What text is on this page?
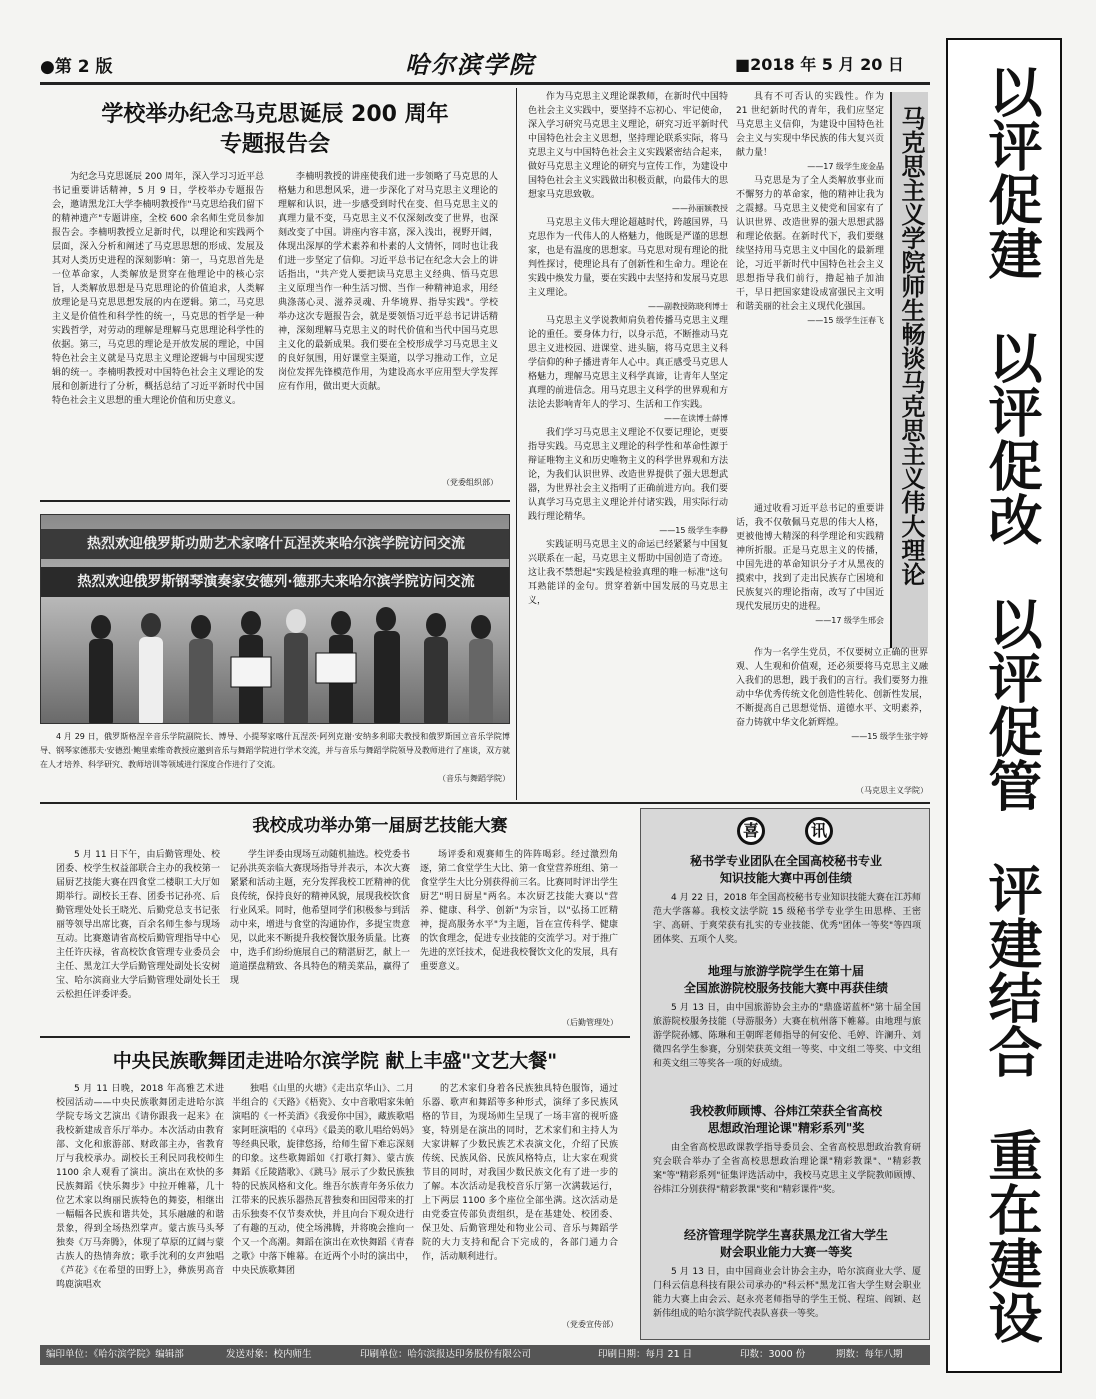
●第 2 版	哈尔滨学院	■2018 年 5 月 20 日 以评促建
以评促改
以评促管
评建结合
重在建设
学校举办纪念马克思诞辰 200 周年
专题报告会

为纪念马克思诞辰 200 周年，深入学习习近平总书记重要讲话精神，5 月 9 日，学校举办专题报告会，邀请黑龙江大学李楠明教授作"马克思给我们留下的精神遗产"专题讲座，全校 600 余名师生党员参加报告会。李楠明教授立足新时代，以理论和实践两个层面，深入分析和阐述了马克思思想的形成、发展及其对人类历史进程的深刻影响：第一，马克思首先是一位革命家，人类解放是贯穿在他理论中的核心宗旨，人类解放思想是马克思理论的价值追求，人类解放理论是马克思思想发展的内在逻辑。第二，马克思主义是价值性和科学性的统一，马克思的哲学是一种实践哲学，对劳动的理解是理解马克思理论科学性的依据。第三，马克思的理论是开放发展的理论，中国特色社会主义就是马克思主义理论逻辑与中国现实逻辑的统一。李楠明教授对中国特色社会主义理论的发展和创新进行了分析，概括总结了习近平新时代中国特色社会主义思想的重大理论价值和历史意义。

李楠明教授的讲座使我们进一步领略了马克思的人格魅力和思想风采，进一步深化了对马克思主义理论的理解和认识，进一步感受到时代在变、但马克思主义的真理力量不变，马克思主义不仅深刻改变了世界，也深刻改变了中国。讲座内容丰富，深入浅出，视野开阔，体现出深厚的学术素养和朴素的人文情怀，同时也让我们进一步坚定了信仰。习近平总书记在纪念大会上的讲话指出，"共产党人要把读马克思主义经典、悟马克思主义原理当作一种生活习惯、当作一种精神追求，用经典涤荡心灵、滋养灵魂、升华境界、指导实践"。学校举办这次专题报告会，就是要领悟习近平总书记讲话精神，深刻理解马克思主义的时代价值和当代中国马克思主义化的最新成果。我们要在全校形成学习马克思主义的良好氛围，用好课堂主渠道，以学习推动工作，立足岗位发挥先锋模范作用，为建设高水平应用型大学发挥应有作用，做出更大贡献。

（党委组织部）
热烈欢迎俄罗斯功勋艺术家喀什瓦涅茨来哈尔滨学院访问交流
热烈欢迎俄罗斯钢琴演奏家安德列·德那夫来哈尔滨学院访问交流

4 月 29 日，俄罗斯格涅辛音乐学院副院长、博导、小提琴家喀什瓦涅茨·阿列克谢·安纳多利耶夫教授和俄罗斯国立音乐学院博导、钢琴家德那夫·安德烈·鲍里索维奇教授应邀到音乐与舞蹈学院进行学术交流，并与音乐与舞蹈学院领导及教师进行了座谈，双方就在人才培养、科学研究、教师培训等领域进行深度合作进行了交流。

（音乐与舞蹈学院）

作为马克思主义理论课教师，在新时代中国特色社会主义实践中，要坚持不忘初心、牢记使命，深入学习研究马克思主义理论，研究习近平新时代中国特色社会主义思想，坚持理论联系实际，将马克思主义与中国特色社会主义实践紧密结合起来，做好马克思主义理论的研究与宣传工作，为建设中国特色社会主义实践做出积极贡献，向最伟大的思想家马克思致敬。

——孙丽颖教授

马克思主义伟大理论超越时代，跨越国界，马克思作为一代伟人的人格魅力，他既是严谨的思想家，也是有温度的思想家。马克思对现有理论的批判性探讨，使理论具有了创新性和生命力。理论在实践中焕发力量，要在实践中去坚持和发展马克思主义理论。

——副教授陈晓利博士

马克思主义学说教师肩负着传播马克思主义理论的重任。要身体力行，以身示范，不断推动马克思主义进校园、进课堂、进头脑，将马克思主义科学信仰的种子播进青年人心中。真正感受马克思人格魅力，理解马克思主义科学真谛，让青年人坚定真理的前进信念。用马克思主义科学的世界观和方法论去影响青年人的学习、生活和工作实践。

——在读博士薛博

我们学习马克思主义理论不仅要记理论，更要指导实践。马克思主义理论的科学性和革命性源于辩证唯物主义和历史唯物主义的科学世界观和方法论，为我们认识世界、改造世界提供了强大思想武器，为世界社会主义指明了正确前进方向。我们要认真学习马克思主义理论并付诸实践，用实际行动践行理论精华。

——15 级学生李静

实践证明马克思主义的命运已经紧紧与中国复兴联系在一起，马克思主义帮助中国创造了奇迹。这让我不禁想起"实践是检验真理的唯一标准"这句耳熟能详的金句。贯穿着新中国发展的马克思主义，

具有不可否认的实践性。作为 21 世纪新时代的青年，我们应坚定马克思主义信仰，为建设中国特色社会主义与实现中华民族的伟大复兴贡献力量！

——17 级学生庞金晶

马克思是为了全人类解放事业而不懈努力的革命家，他的精神让我为之震撼。马克思主义使党和国家有了认识世界、改造世界的强大思想武器和理论依据。在新时代下，我们要继续坚持用马克思主义中国化的最新理论，习近平新时代中国特色社会主义思想指导我们前行，撸起袖子加油干，早日把国家建设成富强民主文明和谐美丽的社会主义现代化强国。

——15 级学生汪春飞 马克思主义学院师生畅谈马克思主义伟大理论

通过收看习近平总书记的重要讲话，我不仅敬佩马克思的伟大人格，更被他博大精深的科学理论和实践精神所折服。正是马克思主义的传播，中国先进的革命知识分子才从黑夜的摸索中，找到了走出民族存亡困境和民族复兴的理论指南，改写了中国近现代发展历史的进程。

——17 级学生邢会

作为一名学生党员，不仅要树立正确的世界观、人生观和价值观，还必须要将马克思主义融入我们的思想，践于我们的言行。我们要努力推动中华优秀传统文化创造性转化、创新性发展，不断提高自己思想觉悟、道德水平、文明素养，奋力铸就中华文化新辉煌。

——15 级学生张宇婷
（马克思主义学院）
我校成功举办第一届厨艺技能大赛

5 月 11 日下午，由后勤管理处、校团委、校学生权益部联合主办的我校第一届厨艺技能大赛在四食堂二楼职工大厅如期举行。副校长王春、团委书记孙亮、后勤管理处处长王晓光、后勤党总支书记张丽等领导出席比赛，百余名师生参与现场互动。比赛邀请省高校后勤管理指导中心主任许庆禄，省高校饮食管理专业委员会主任、黑龙江大学后勤管理处副处长安树宝、哈尔滨商业大学后勤管理处副处长王云松担任评委评委。

学生评委由现场互动随机抽选。校党委书记孙洪英亲临大赛现场指导并表示，本次大赛紧紧和活动主题，充分发挥我校工匠精神的优良传统，保持良好的精神风貌，展现我校饮食行业风采。同时，他希望同学们积极参与到活动中来，增进与食堂的沟通协作，多提宝贵意见，以此来不断提升我校餐饮服务质量。比赛中，选手们纷纷施展自己的精湛厨艺，献上一道道摆盘精致、各具特色的精美菜品，赢得了现

场评委和观赛师生的阵阵喝彩。经过激烈角逐，第二食堂学生大比、第一食堂营养班组、第一食堂学生大比分别获得前三名。比赛同时评出学生厨艺"明日厨星"两名。本次厨艺技能大赛以"营养、健康、科学、创新"为宗旨，以"弘扬工匠精神，提高服务水平"为主题，旨在宣传科学、健康的饮食理念，促进专业技能的交流学习。对于推广先进的烹饪技术，促进我校餐饮文化的发展，具有重要意义。

（后勤管理处）
中央民族歌舞团走进哈尔滨学院 献上丰盛"文艺大餐"

5 月 11 日晚，2018 年高雅艺术进校园活动——中央民族歌舞团走进哈尔滨学院专场文艺演出《请你跟我一起来》在我校新建成音乐厅举办。本次活动由教育部、文化和旅游部、财政部主办，省教育厅与我校承办。副校长王利民同我校师生1100 余人观看了演出。演出在欢快的多民族舞蹈《快乐舞步》中拉开帷幕，几十位艺术家以绚丽民族特色的舞姿，相继出一幅幅各民族和谐共处，其乐融融的和谐景象，得到全场热烈掌声。蒙古族马头琴独奏《万马奔腾》，体现了草原的辽阔与蒙古族人的热情奔放；歌手沈利的女声独唱《芦花》《在希望的田野上》，彝族男高音鸣鹿演唱欢

独唱《山里的火塘》《走出京华山》、二月半组合的《天路》《梧瓷》、女中音歌唱家朱帕演唱的《一杯美酒》《我爱你中国》，藏族歌唱家阿旺演唱的《卓玛》《最美的歌儿唱给妈妈》等经典民歌，旋律悠扬，给师生留下难忘深刻的印象。这些歌舞蹈如《打歌打舞》、蒙古族舞蹈《丘陵踏歌》、《跳马》展示了少数民族独特的民族风格和文化。维吾尔族青年务乐依力江带来的民族乐器热瓦普独奏和田园带来的打击乐独奏不仅节奏欢快，并且向台下观众进行了有趣的互动，使全场沸腾，并将晚会推向一个又一个高潮。舞蹈在演出在欢快舞蹈《青春之歌》中落下帷幕。在近两个小时的演出中，中央民族歌舞团

的艺术家们身着各民族独具特色服饰，通过乐器、歌声和舞蹈等多种形式，演绎了多民族风格的节目，为现场师生呈现了一场丰富的视听盛宴，特别是在演出的同时，艺术家们和主持人为大家讲解了少数民族艺术表演文化，介绍了民族传统、民族风俗、民族风格特点，让大家在观赏节目的同时，对我国少数民族文化有了进一步的了解。本次活动是我校音乐厅第一次满载运行，上下两层 1100 多个座位全部坐满。这次活动是由党委宣传部负责组织，是在基建处、校团委、保卫处、后勤管理处和物业公司、音乐与舞蹈学院的大力支持和配合下完成的，各部门通力合作，活动顺利进行。

（党委宣传部）
喜	讯
秘书学专业团队在全国高校秘书专业
知识技能大赛中再创佳绩

4 月 22 日，2018 年全国高校秘书专业知识技能大赛在江苏师范大学落幕。我校文法学院 15 级秘书学专业学生田思桦、王密宇、高研、于爽荣获有扎实的专业技能、优秀"团体一等奖"等四项团体奖、五项个人奖。

地理与旅游学院学生在第十届
全国旅游院校服务技能大赛中再获佳绩

5 月 13 日，由中国旅游协会主办的"鼎盛诺蓝杯"第十届全国旅游院校服务技能（导游服务）大赛在杭州落下帷幕。由地理与旅游学院孙娜、陈琳和王朝晖老师指导的何安伦、毛婷、许澜升、刘微四名学生参赛，分别荣获英文组一等奖、中文组二等奖、中文组和英文组三等奖各一项的好成绩。

我校教师顾博、谷炜江荣获全省高校
思想政治理论课"精彩系列"奖

由全省高校思政课教学指导委员会、全省高校思想政治教育研究会联合举办了全省高校思想政治理论课"精彩教课"、"精彩教案"等"精彩系列"征集评选活动中，我校马克思主义学院教师顾博、谷炜江分别获得"精彩教课"奖和"精彩课件"奖。

经济管理学院学生喜获黑龙江省大学生
财会职业能力大赛一等奖

5 月 13 日，由中国商业会计协会主办，哈尔滨商业大学、厦门科云信息科技有限公司承办的"科云杯"黑龙江省大学生财会职业能力大赛上由会云、赵永亮老师指导的学生王悦、程瑄、阎颖、赵新伟组成的哈尔滨学院代表队喜获一等奖。

编印单位：《哈尔滨学院》编辑部	发送对象：校内师生	印刷单位：哈尔滨报达印务股份有限公司	印刷日期：每月 21 日	印数：3000 份	期数：每年八期
